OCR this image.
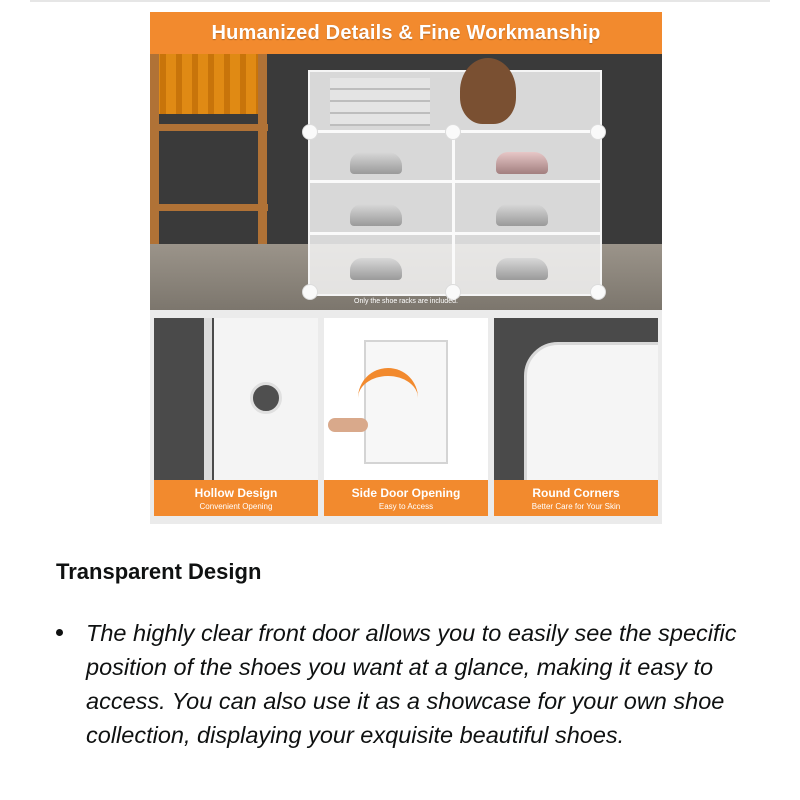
Humanized Details & Fine Workmanship
Only the shoe racks are included.
Hollow Design
Convenient Opening
Side Door Opening
Easy to Access
Round Corners
Better Care for Your Skin
Transparent Design
The highly clear front door allows you to easily see the specific position of the shoes you want at a glance, making it easy to access. You can also use it as a showcase for your own shoe collection, displaying your exquisite beautiful shoes.
